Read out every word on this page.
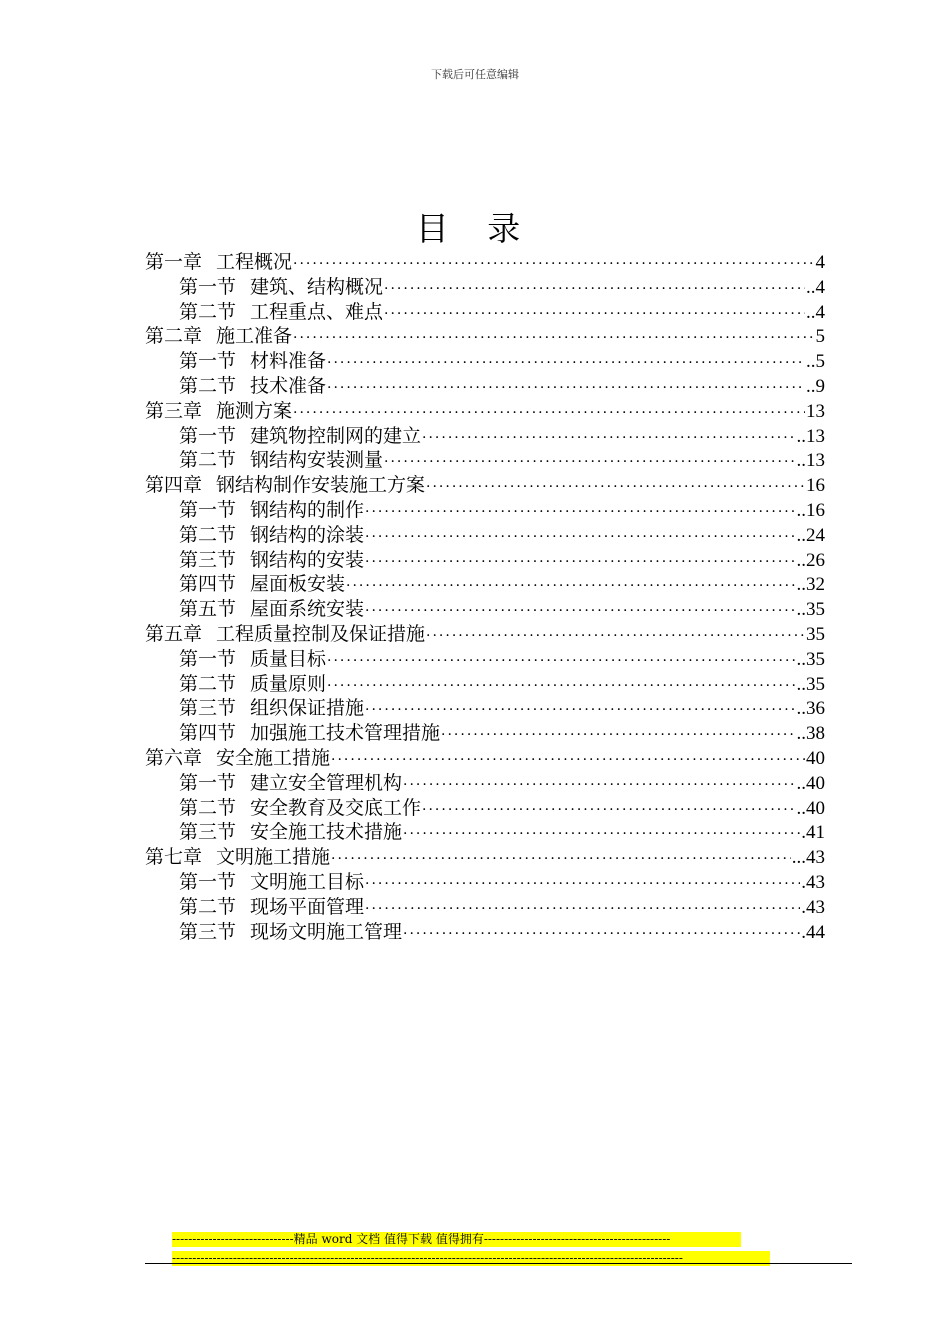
下载后可任意编辑
目 录
第一章 工程概况 ·····	4
第一节 建筑、结构概况 ·····	..4
第二节 工程重点、难点 ·····	..4
第二章 施工准备 ·····	5
第一节 材料准备 ·····	..5
第二节 技术准备 ·····	..9
第三章 施测方案 ·····	13
第一节 建筑物控制网的建立 ·····	..13
第二节 钢结构安装测量 ·····	..13
第四章 钢结构制作安装施工方案 ·····	16
第一节 钢结构的制作 ·····	..16
第二节 钢结构的涂装 ·····	..24
第三节 钢结构的安装 ·····	..26
第四节 屋面板安装 ·····	..32
第五节 屋面系统安装 ·····	..35
第五章 工程质量控制及保证措施 ·····	35
第一节 质量目标 ·····	..35
第二节 质量原则 ·····	..35
第三节 组织保证措施 ·····	..36
第四节 加强施工技术管理措施 ·····	..38
第六章 安全施工措施 ·····	40
第一节 建立安全管理机构 ·····	..40
第二节 安全教育及交底工作 ·····	..40
第三节 安全施工技术措施 ·····	.41
第七章 文明施工措施 ·····	...43
第一节 文明施工目标 ·····	.43
第二节 现场平面管理 ·····	.43
第三节 现场文明施工管理 ·····	.44
------------------------------精品 word 文档 值得下载 值得拥有----------------------------------------------
------------------------------------------------------------------------------------------------------------------------------
